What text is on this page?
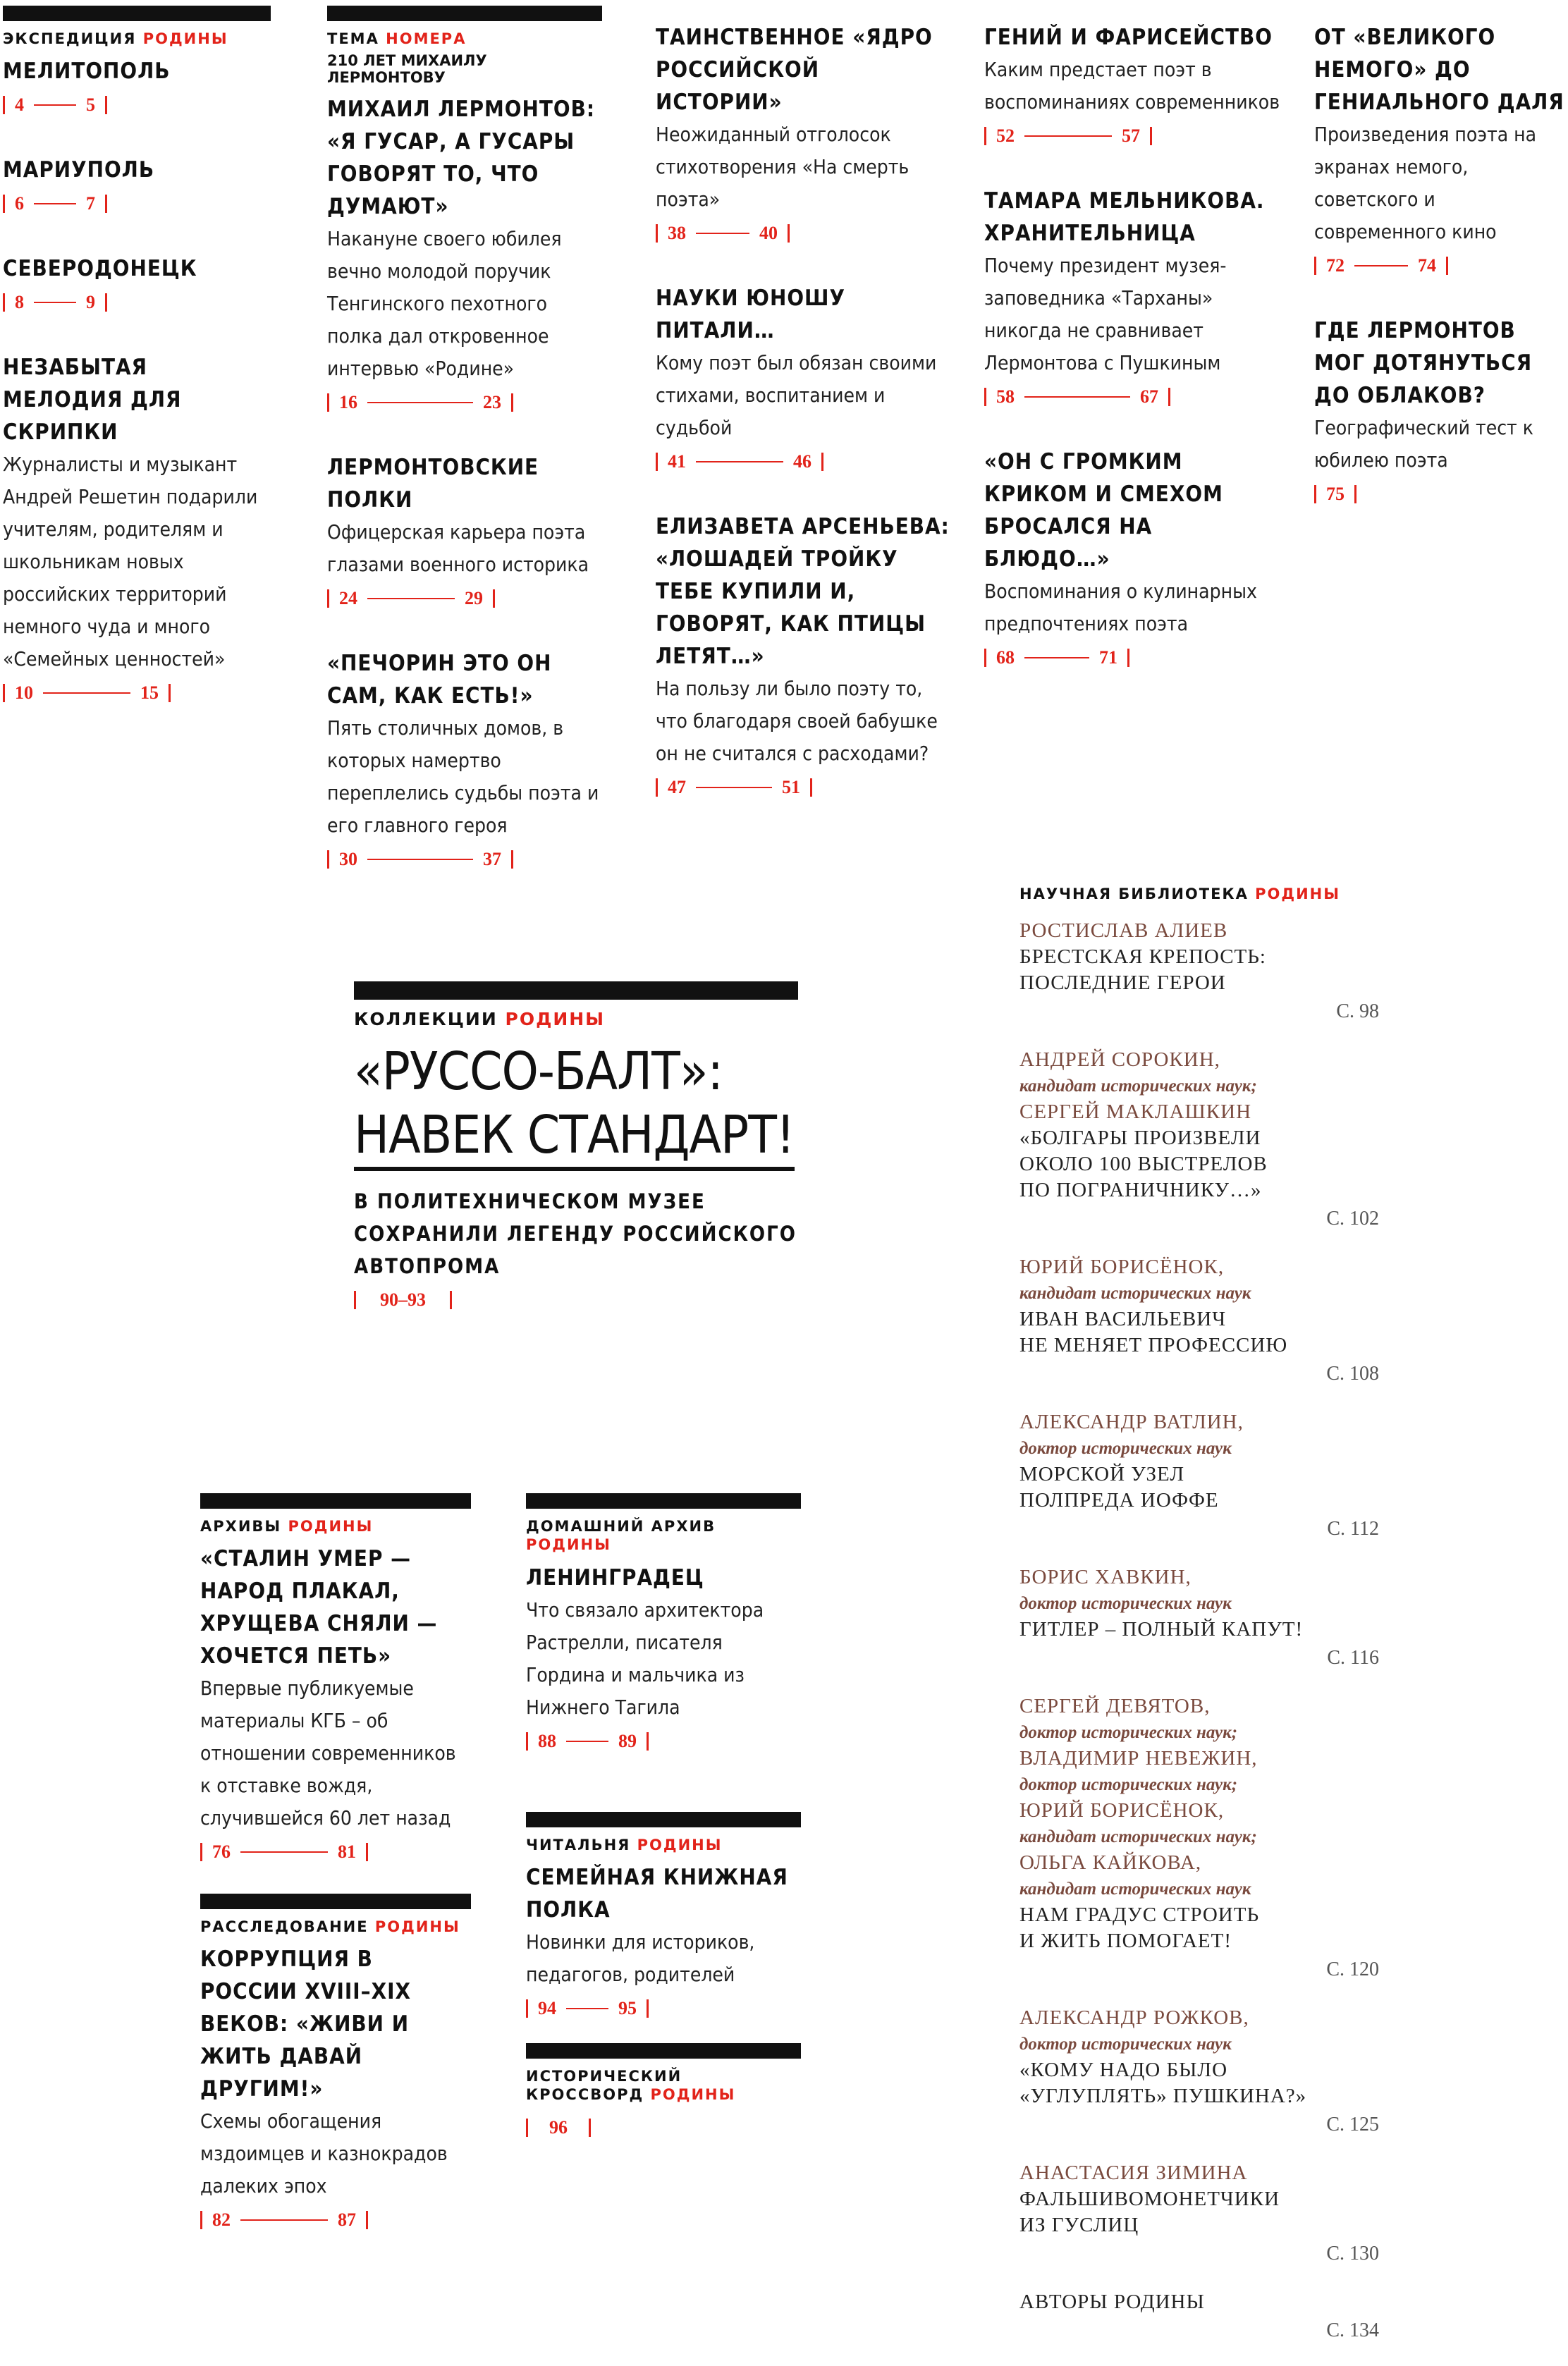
ЭКСПЕДИЦИЯ РОДИНЫ
МЕЛИТОПОЛЬ
4	5
МАРИУПОЛЬ
6	7
СЕВЕРОДОНЕЦК
8	9
НЕЗАБЫТАЯ МЕЛОДИЯ ДЛЯ СКРИПКИ
Журналисты и музыкант Андрей Решетин подарили учителям, родителям и школьникам новых российских территорий немного чуда и много «Семейных ценностей»
10	15
ТЕМА НОМЕРА
210 ЛЕТ МИХАИЛУ ЛЕРМОНТОВУ
МИХАИЛ ЛЕРМОНТОВ: «Я ГУСАР, А ГУСАРЫ ГОВОРЯТ ТО, ЧТО ДУМАЮТ»
Накануне своего юбилея вечно молодой поручик Тенгинского пехотного полка дал откровенное интервью «Родине»
16	23
ЛЕРМОНТОВСКИЕ ПОЛКИ
Офицерская карьера поэта глазами военного историка
24	29
«ПЕЧОРИН ЭТО ОН САМ, КАК ЕСТЬ!»
Пять столичных домов, в которых намертво переплелись судьбы поэта и его главного героя
30	37
ТАИНСТВЕННОЕ «ЯДРО РОССИЙСКОЙ ИСТОРИИ»
Неожиданный отголосок стихотворения «На смерть поэта»
38	40
НАУКИ ЮНОШУ ПИТАЛИ…
Кому поэт был обязан своими стихами, воспитанием и судьбой
41	46
ЕЛИЗАВЕТА АРСЕНЬЕВА: «ЛОШАДЕЙ ТРОЙКУ ТЕБЕ КУПИЛИ И, ГОВОРЯТ, КАК ПТИЦЫ ЛЕТЯТ…»
На пользу ли было поэту то, что благодаря своей бабушке он не считался с расходами?
47	51
ГЕНИЙ И ФАРИСЕЙСТВО
Каким предстает поэт в воспоминаниях современников
52	57
ТАМАРА МЕЛЬНИКОВА. ХРАНИТЕЛЬНИЦА
Почему президент музея-заповедника «Тарханы» никогда не сравнивает Лермонтова с Пушкиным
58	67
«ОН С ГРОМКИМ КРИКОМ И СМЕХОМ БРОСАЛСЯ НА БЛЮДО…»
Воспоминания о кулинарных предпочтениях поэта
68	71
ОТ «ВЕЛИКОГО НЕМОГО» ДО ГЕНИАЛЬНОГО ДАЛЯ
Произведения поэта на экранах немого, советского и современного кино
72	74
ГДЕ ЛЕРМОНТОВ МОГ ДОТЯНУТЬСЯ ДО ОБЛАКОВ?
Географический тест к юбилею поэта
75
КОЛЛЕКЦИИ РОДИНЫ
«РУССО-БАЛТ»:
НАВЕК СТАНДАРТ!
В ПОЛИТЕХНИЧЕСКОМ МУЗЕЕ СОХРАНИЛИ ЛЕГЕНДУ РОССИЙСКОГО АВТОПРОМА
90–93
АРХИВЫ РОДИНЫ
«СТАЛИН УМЕР — НАРОД ПЛАКАЛ, ХРУЩЕВА СНЯЛИ — ХОЧЕТСЯ ПЕТЬ»
Впервые публикуемые материалы КГБ – об отношении современников к отставке вождя, случившейся 60 лет назад
76	81
РАССЛЕДОВАНИЕ РОДИНЫ
КОРРУПЦИЯ В РОССИИ XVIII–XIX ВЕКОВ: «ЖИВИ И ЖИТЬ ДАВАЙ ДРУГИМ!»
Схемы обогащения мздоимцев и казнокрадов далеких эпох
82	87
ДОМАШНИЙ АРХИВ РОДИНЫ
ЛЕНИНГРАДЕЦ
Что связало архитектора Растрелли, писателя Гордина и мальчика из Нижнего Тагила
88	89
ЧИТАЛЬНЯ РОДИНЫ
СЕМЕЙНАЯ КНИЖНАЯ ПОЛКА
Новинки для историков, педагогов, родителей
94	95
ИСТОРИЧЕСКИЙ КРОССВОРД РОДИНЫ
96
НАУЧНАЯ БИБЛИОТЕКА РОДИНЫ
РОСТИСЛАВ АЛИЕВ
БРЕСТСКАЯ КРЕПОСТЬ:
ПОСЛЕДНИЕ ГЕРОИ
С. 98
АНДРЕЙ СОРОКИН,
кандидат исторических наук;
СЕРГЕЙ МАКЛАШКИН
«БОЛГАРЫ ПРОИЗВЕЛИ
ОКОЛО 100 ВЫСТРЕЛОВ
ПО ПОГРАНИЧНИКУ…»
С. 102
ЮРИЙ БОРИСЁНОК,
кандидат исторических наук
ИВАН ВАСИЛЬЕВИЧ
НЕ МЕНЯЕТ ПРОФЕССИЮ
С. 108
АЛЕКСАНДР ВАТЛИН,
доктор исторических наук
МОРСКОЙ УЗЕЛ
ПОЛПРЕДА ИОФФЕ
С. 112
БОРИС ХАВКИН,
доктор исторических наук
ГИТЛЕР – ПОЛНЫЙ КАПУТ!
С. 116
СЕРГЕЙ ДЕВЯТОВ,
доктор исторических наук;
ВЛАДИМИР НЕВЕЖИН,
доктор исторических наук;
ЮРИЙ БОРИСЁНОК,
кандидат исторических наук;
ОЛЬГА КАЙКОВА,
кандидат исторических наук
НАМ ГРАДУС СТРОИТЬ
И ЖИТЬ ПОМОГАЕТ!
С. 120
АЛЕКСАНДР РОЖКОВ,
доктор исторических наук
«КОМУ НАДО БЫЛО
«УГЛУПЛЯТЬ» ПУШКИНА?»
С. 125
АНАСТАСИЯ ЗИМИНА
ФАЛЬШИВОМОНЕТЧИКИ
ИЗ ГУСЛИЦ
С. 130
АВТОРЫ РОДИНЫ
С. 134
